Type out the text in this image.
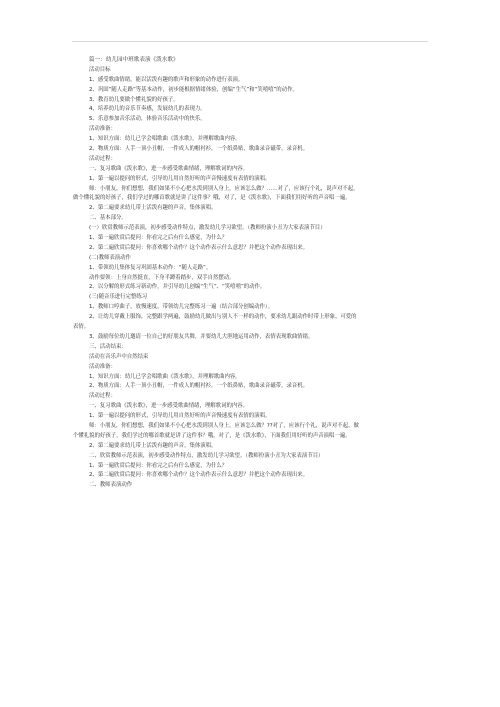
篇一：幼儿园中班歌表演《泼水歌》
活动目标
1、感受歌曲情绪，能以活泼有趣的歌声和形象的动作进行表演。
2、巩固“随人走路”等基本动作，初步能根据情绪体验，创编“生气”和“笑嘻嘻”的动作。
3、教育幼儿要做个懂礼貌的好孩子。
4、培养幼儿的音乐节奏感，发展幼儿的表现力。
5、乐意参加音乐活动，体验音乐活动中的快乐。
活动准备：
1、知识方面：幼儿已学会唱歌曲《泼水歌》，并理解歌曲内容。
2、物质方面：人手一顶小丑帽，一件成人的帽衬衫，一个纸鼻贴，歌曲录音磁带，录音机。
活动过程：
一、复习歌曲《泼水歌》，进一步感受歌曲情绪，理解歌词的内容。
1、第一遍以提问的形式，引导幼儿用自然好听的声音慢速度有表情的演唱。
师：小朋友，你们想想，我们如果不小心把水泼到别人身上，应该怎么做？……对了，应该行个礼，说声对不起，
做个懂礼貌的好孩子，我们学过的哪首歌就是讲了这件事？哦，对了，是《泼水歌》，下面我们用好听的声音唱一遍。
2、第二遍要求幼儿带上活泼有趣的声音，集体演唱。
二、基本部分。
(一）欣赏教师示范表演，初步感受动作特点，激发幼儿学习欲望。（教师扮演小丑为大家表演节目）
1、第一遍欣赏后提问：你看完之后有什么感觉，为什么？
2、第二遍欣赏后提问：你喜欢哪个动作？这个动作表示什么意思？并把这个动作表现出来。
(二)教师表演动作
1、带领幼儿集体复习巩固基本动作：“随人走路”。
动作要领：上身自然挺直，下身半蹲着踏步，双手自然摆动。
2、以分解的形式练习新动作，并引导幼儿创编“生气”、“笑嘻嘻”的动作。
(三)随音乐进行完整练习
1、教师口哼曲子，放慢速度，带领幼儿完整练习一遍（结合部分创编动作）。
2、让幼儿穿戴上服饰，完整跟学两遍，鼓励幼儿做出与别人不一样的动作，要求幼儿跟动作时带上形象、可爱的
表情。
3、鼓励每位幼儿邀请一位自己的好朋友共舞，并要幼儿大胆地运用动作，表情表现歌曲情绪。
三、活动结束：
活动在音乐声中自然结束
活动准备：
1、知识方面：幼儿已学会唱歌曲《泼水歌》，并理解歌曲内容。
2、物质方面：人手一顶小丑帽，一件成人的帽衬衫，一个纸鼻贴，歌曲录音磁带，录音机。
活动过程：
一、复习歌曲《泼水歌》，进一步感受歌曲情绪，理解歌词的内容。
1、第一遍以提问的形式，引导幼儿用自然好听的声音慢速度有表情的演唱。
师：小朋友，你们想想，我们如果不小心把水泼到别人身上，应该怎么做？??对了，应该行个礼，说声对不起，做
个懂礼貌的好孩子，我们学过的哪首歌就是讲了这件事？哦，对了，是《泼水歌》，下面我们用好听的声音演唱一遍。
2、第二遍要求幼儿带上活泼有趣的声音，集体演唱。
二、欣赏教师示范表演，初步感受动作特点，激发幼儿学习欲望。（教师扮演小丑为大家表演节目）
1、第一遍欣赏后提问：你看完之后有什么感觉，为什么？
2、第二遍欣赏后提问：你喜欢哪个动作？这个动作表示什么意思？并把这个动作表现出来。
二、教师表演动作
